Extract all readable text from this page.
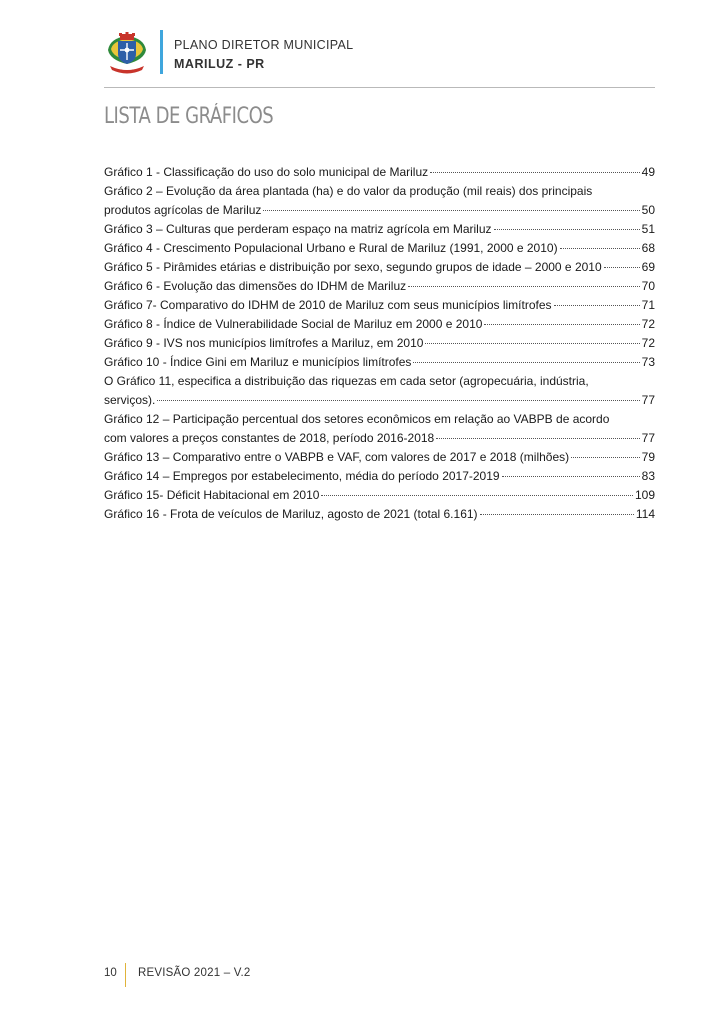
PLANO DIRETOR MUNICIPAL
MARILUZ - PR
LISTA DE GRÁFICOS
Gráfico 1 - Classificação do uso do solo municipal de Mariluz	49
Gráfico 2 – Evolução da área plantada (ha) e do valor da produção (mil reais) dos principais
produtos agrícolas de Mariluz	50
Gráfico 3 – Culturas que perderam espaço na matriz agrícola em Mariluz	51
Gráfico 4 - Crescimento Populacional Urbano e Rural de Mariluz (1991, 2000 e 2010)	68
Gráfico 5 - Pirâmides etárias e distribuição por sexo, segundo grupos de idade – 2000 e 2010	69
Gráfico 6 - Evolução das dimensões do IDHM de Mariluz	70
Gráfico 7- Comparativo do IDHM de 2010 de Mariluz com seus municípios limítrofes	71
Gráfico 8 - Índice de Vulnerabilidade Social de Mariluz em 2000 e 2010	72
Gráfico 9 - IVS nos municípios limítrofes a Mariluz, em 2010	72
Gráfico 10 - Índice Gini em Mariluz e municípios limítrofes	73
O Gráfico 11, especifica a distribuição das riquezas em cada setor (agropecuária, indústria,
serviços).	77
Gráfico 12 – Participação percentual dos setores econômicos em relação ao VABPB de acordo
com valores a preços constantes de 2018, período 2016-2018	77
Gráfico 13 – Comparativo entre o VABPB e VAF, com valores de 2017 e 2018 (milhões)	79
Gráfico 14 – Empregos por estabelecimento, média do período 2017-2019	83
Gráfico 15- Déficit Habitacional em 2010	109
Gráfico 16 - Frota de veículos de Mariluz, agosto de 2021 (total 6.161)	114
10 REVISÃO 2021 – V.2
